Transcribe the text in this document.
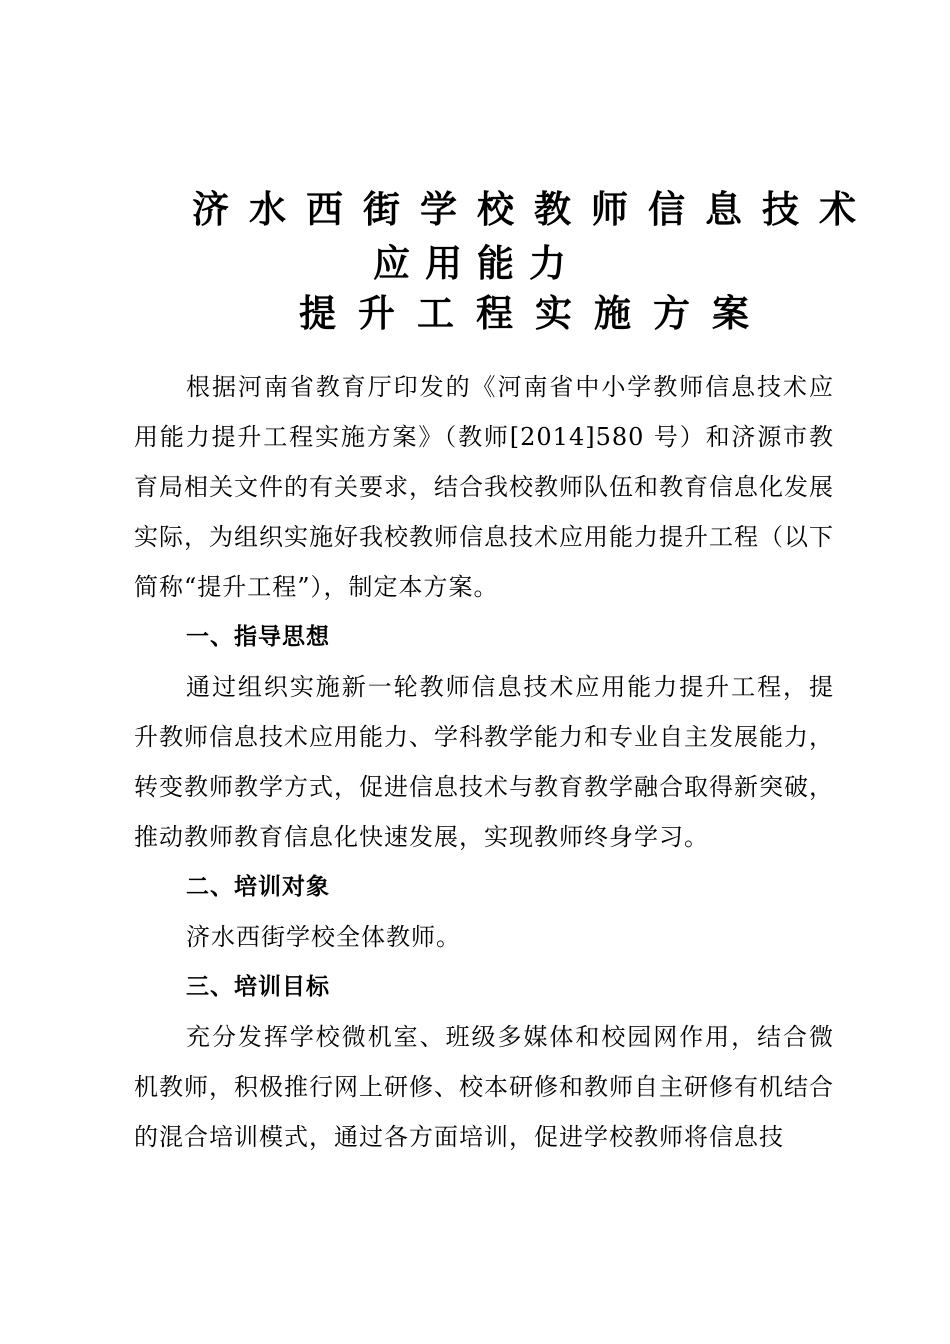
济水西街学校教师信息技术
应用能力
提升工程实施方案

根据河南省教育厅印发的《河南省中小学教师信息技术应用能力提升工程实施方案》（教师[2014]580 号）和济源市教育局相关文件的有关要求，结合我校教师队伍和教育信息化发展实际，为组织实施好我校教师信息技术应用能力提升工程（以下简称“提升工程”），制定本方案。

一、指导思想

通过组织实施新一轮教师信息技术应用能力提升工程，提升教师信息技术应用能力、学科教学能力和专业自主发展能力，转变教师教学方式，促进信息技术与教育教学融合取得新突破，推动教师教育信息化快速发展，实现教师终身学习。

二、培训对象

济水西街学校全体教师。

三、培训目标

充分发挥学校微机室、班级多媒体和校园网作用，结合微机教师，积极推行网上研修、校本研修和教师自主研修有机结合的混合培训模式，通过各方面培训，促进学校教师将信息技
